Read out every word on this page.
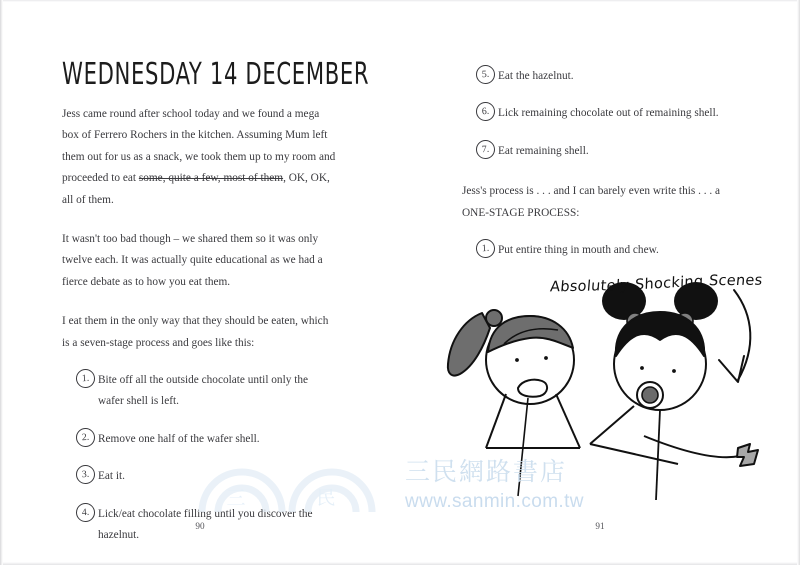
WEDNESDAY 14 DECEMBER

Jess came round after school today and we found a mega box of Ferrero Rochers in the kitchen. Assuming Mum left them out for us as a snack, we took them up to my room and proceeded to eat some, quite a few, most of them, OK, OK, all of them.

It wasn't too bad though – we shared them so it was only twelve each. It was actually quite educational as we had a fierce debate as to how you eat them.

I eat them in the only way that they should be eaten, which is a seven-stage process and goes like this:

1. Bite off all the outside chocolate until only the wafer shell is left.
2. Remove one half of the wafer shell.
3. Eat it.
4. Lick/eat chocolate filling until you discover the hazelnut.
90
5. Eat the hazelnut.
6. Lick remaining chocolate out of remaining shell.
7. Eat remaining shell.

Jess's process is . . . and I can barely even write this . . . a ONE-STAGE PROCESS:

1. Put entire thing in mouth and chew.
91
Absolutely Shocking Scenes
三	民
三民網路書店
www.sanmin.com.tw
